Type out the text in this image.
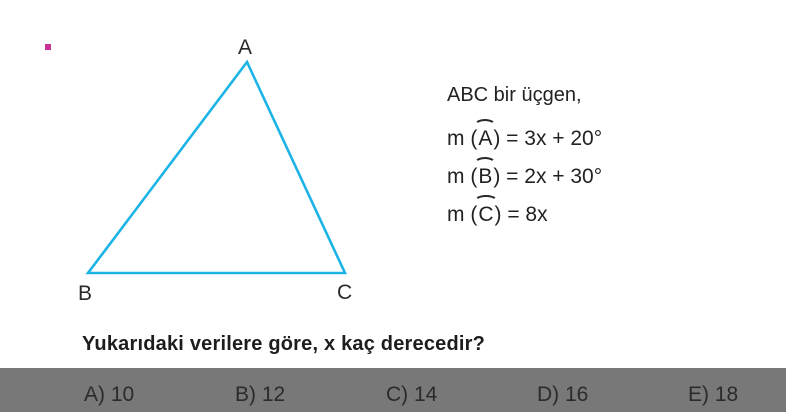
A
B	C
ABC bir üçgen,
m (A) = 3x + 20°
m (B) = 2x + 30°
m (C) = 8x
Yukarıdaki verilere göre, x kaç derecedir?
A) 10	B) 12	C) 14	D) 16	E) 18
